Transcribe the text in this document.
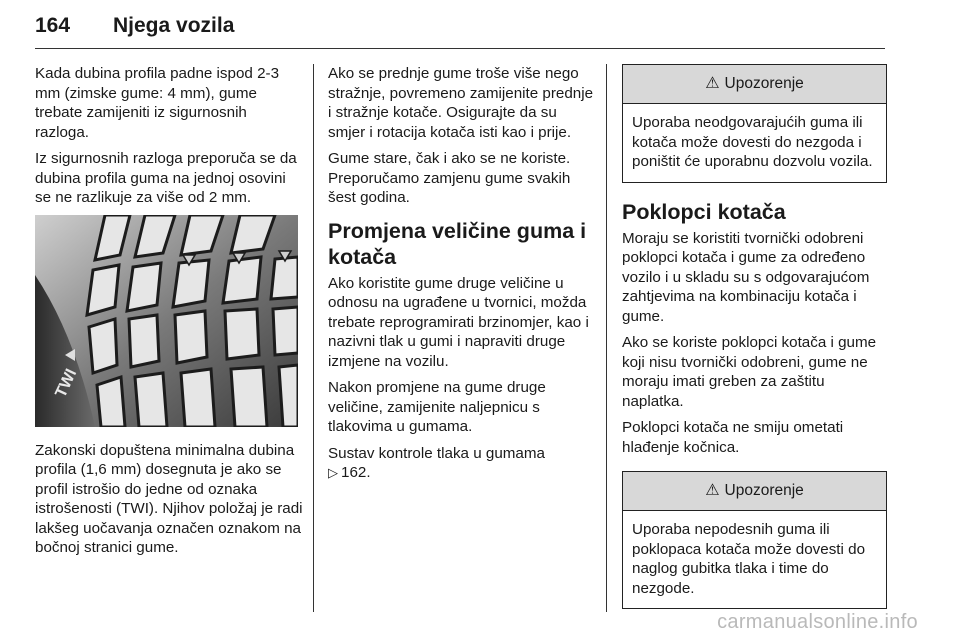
164 Njega vozila

Kada dubina profila padne ispod 2-3 mm (zimske gume: 4 mm), gume trebate zamijeniti iz sigurnosnih razloga.

Iz sigurnosnih razloga preporuča se da dubina profila guma na jednoj osovini se ne razlikuje za više od 2 mm.

TWI

Zakonski dopuštena minimalna dubina profila (1,6 mm) dosegnuta je ako se profil istrošio do jedne od oznaka istrošenosti (TWI). Njihov položaj je radi lakšeg uočavanja označen oznakom na bočnoj stranici gume.

Ako se prednje gume troše više nego stražnje, povremeno zamijenite prednje i stražnje kotače. Osigurajte da su smjer i rotacija kotača isti kao i prije.

Gume stare, čak i ako se ne koriste. Preporučamo zamjenu gume svakih šest godina.

Promjena veličine guma i kotača

Ako koristite gume druge veličine u odnosu na ugrađene u tvornici, možda trebate reprogramirati brzinomjer, kao i nazivni tlak u gumi i napraviti druge izmjene na vozilu.

Nakon promjene na gume druge veličine, zamijenite naljepnicu s tlakovima u gumama.

Sustav kontrole tlaka u gumama
▷ 162.

⚠ Upozorenje
Uporaba neodgovarajućih guma ili kotača može dovesti do nezgoda i poništit će uporabnu dozvolu vozila.
Poklopci kotača

Moraju se koristiti tvornički odobreni poklopci kotača i gume za određeno vozilo i u skladu su s odgovarajućom zahtjevima na kombinaciju kotača i gume.

Ako se koriste poklopci kotača i gume koji nisu tvornički odobreni, gume ne moraju imati greben za zaštitu naplatka.

Poklopci kotača ne smiju ometati hlađenje kočnica.

⚠ Upozorenje
Uporaba nepodesnih guma ili poklopaca kotača može dovesti do naglog gubitka tlaka i time do nezgode.
carmanualsonline.info
